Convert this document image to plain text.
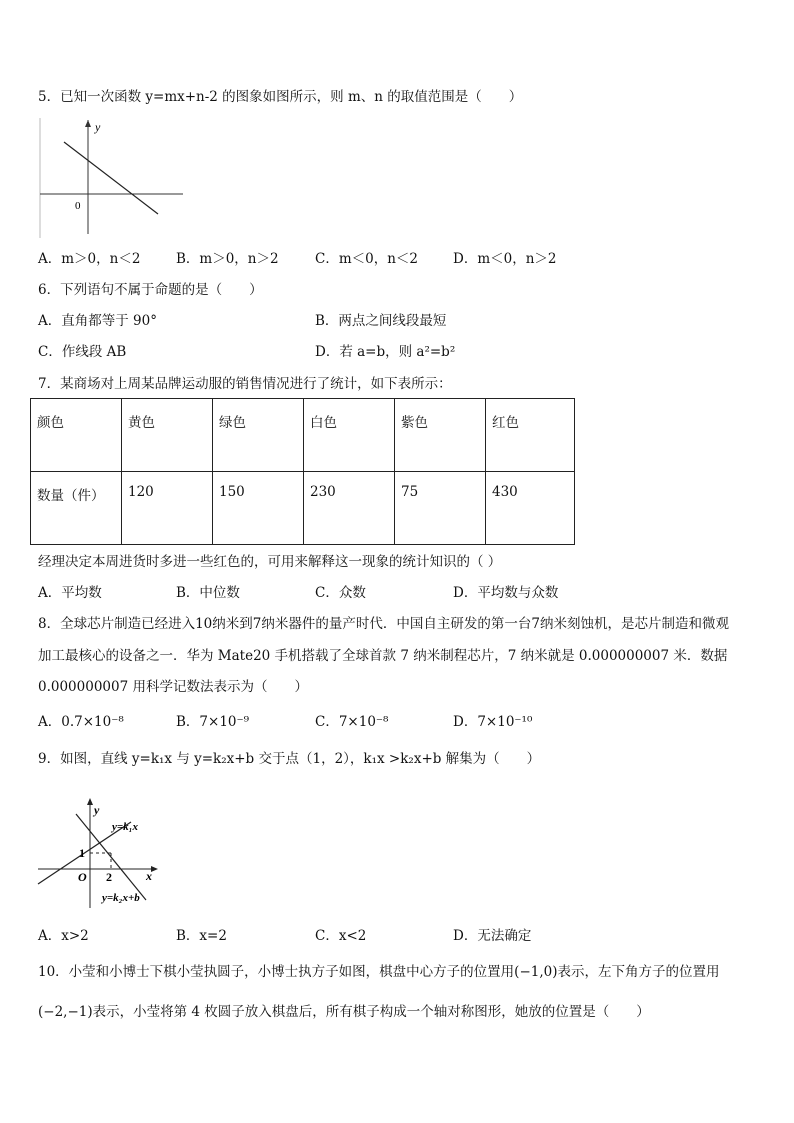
5．已知一次函数 y=mx+n-2 的图象如图所示，则 m、n 的取值范围是（　　）
y
0
A．m＞0，n＜2	B．m＞0，n＞2	C．m＜0，n＜2	D．m＜0，n＞2
6．下列语句不属于命题的是（　　）
A．直角都等于 90°	B．两点之间线段最短
C．作线段 AB	D．若 a=b，则 a²=b²
7．某商场对上周某品牌运动服的销售情况进行了统计，如下表所示：
颜色	黄色	绿色	白色	紫色	红色
数量（件）	120	150	230	75	430
经理决定本周进货时多进一些红色的，可用来解释这一现象的统计知识的（ ）
A．平均数	B．中位数	C．众数	D．平均数与众数
8．全球芯片制造已经进入10纳米到7纳米器件的量产时代．中国自主研发的第一台7纳米刻蚀机，是芯片制造和微观
加工最核心的设备之一．华为 Mate20 手机搭载了全球首款 7 纳米制程芯片，7 纳米就是 0.000000007 米．数据
0.000000007 用科学记数法表示为（　　）
A．0.7×10⁻⁸	B．7×10⁻⁹	C．7×10⁻⁸	D．7×10⁻¹⁰
9．如图，直线 y=k₁x 与 y=k₂x+b 交于点（1，2），k₁x >k₂x+b 解集为（　　）
y
x
O 2
1
y=k₁x
y=k₂x+b
A．x>2	B．x=2	C．x<2	D．无法确定
10．小莹和小博士下棋小莹执圆子，小博士执方子如图，棋盘中心方子的位置用(−1,0)表示，左下角方子的位置用
(−2,−1)表示，小莹将第 4 枚圆子放入棋盘后，所有棋子构成一个轴对称图形，她放的位置是（　　）
